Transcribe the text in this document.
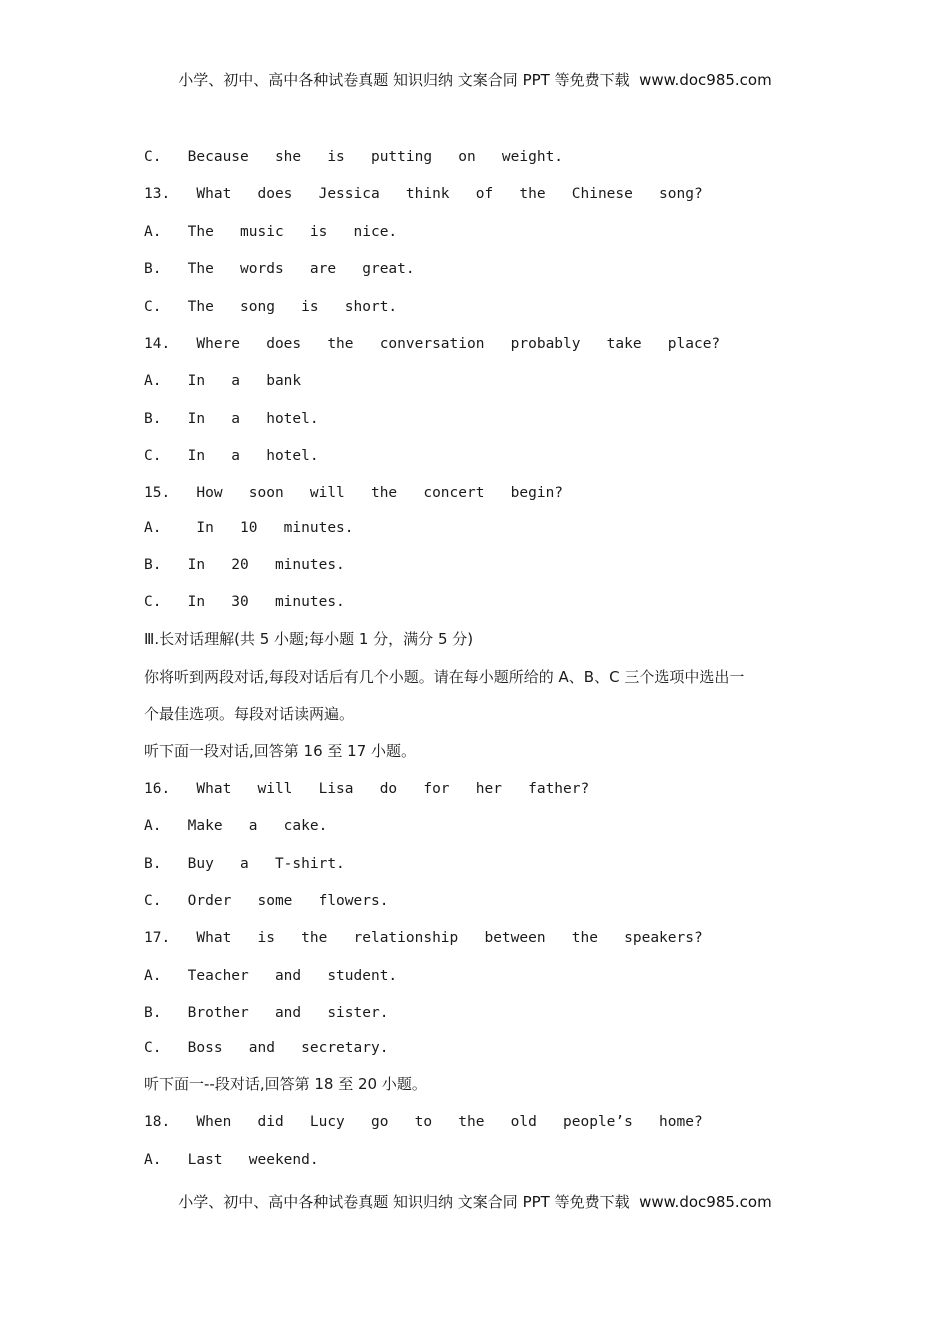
小学、初中、高中各种试卷真题 知识归纳 文案合同 PPT 等免费下载  www.doc985.com
C.   Because   she   is   putting   on   weight.
13.   What   does   Jessica   think   of   the   Chinese   song?
A.   The   music   is   nice.
B.   The   words   are   great.
C.   The   song   is   short.
14.   Where   does   the   conversation   probably   take   place?
A.   In   a   bank
B.   In   a   hotel.
C.   In   a   hotel.
15.   How   soon   will   the   concert   begin?
A.    In   10   minutes.
B.   In   20   minutes.
C.   In   30   minutes.
Ⅲ.长对话理解(共 5 小题;每小题 1 分，满分 5 分)
你将听到两段对话,每段对话后有几个小题。请在每小题所给的 A、B、C 三个选项中选出一
个最佳选项。每段对话读两遍。
听下面一段对话,回答第 16 至 17 小题。
16.   What   will   Lisa   do   for   her   father?
A.   Make   a   cake.
B.   Buy   a   T-shirt.
C.   Order   some   flowers.
17.   What   is   the   relationship   between   the   speakers?
A.   Teacher   and   student.
B.   Brother   and   sister.
C.   Boss   and   secretary.
听下面一--段对话,回答第 18 至 20 小题。
18.   When   did   Lucy   go   to   the   old   people’s   home?
A.   Last   weekend.
小学、初中、高中各种试卷真题 知识归纳 文案合同 PPT 等免费下载  www.doc985.com
